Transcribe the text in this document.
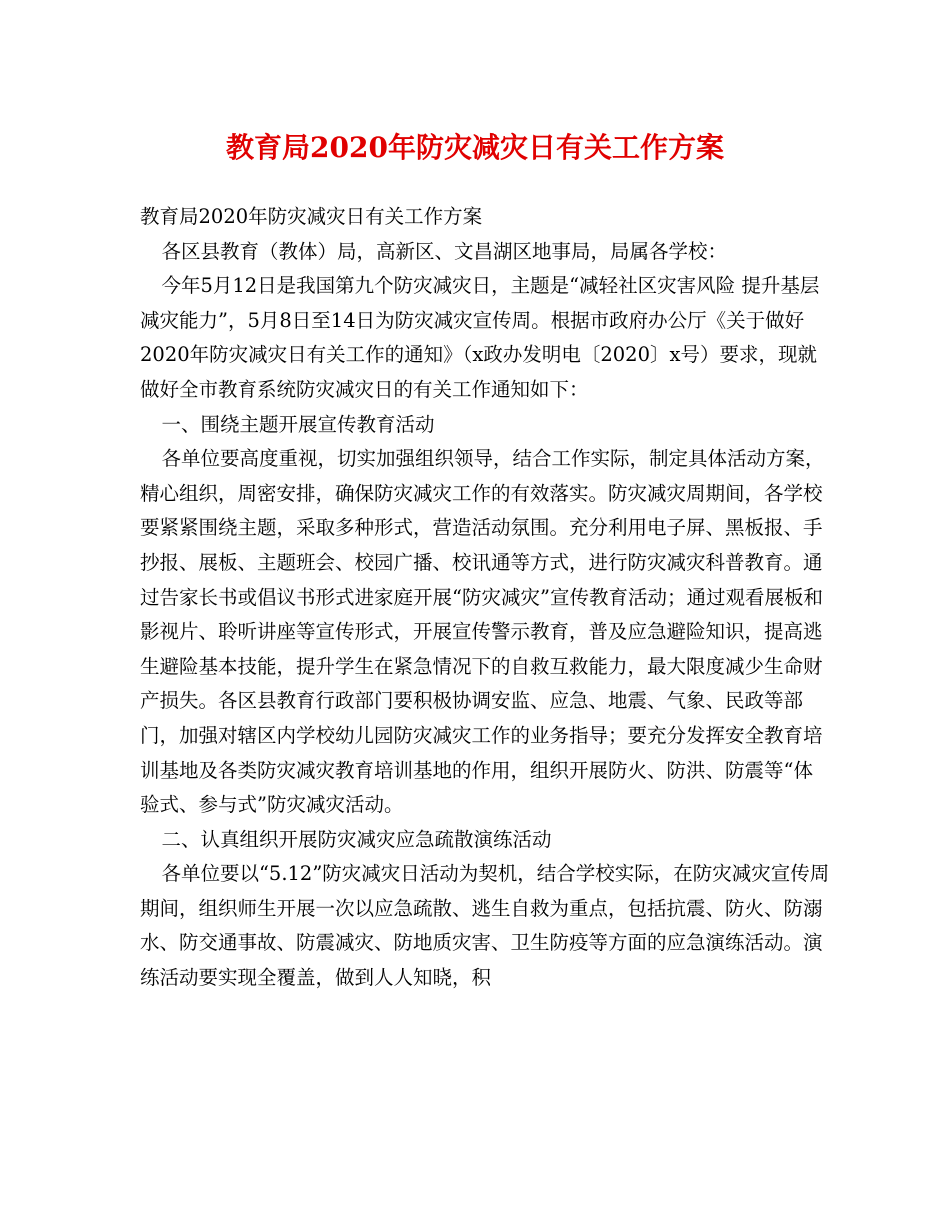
教育局2020年防灾减灾日有关工作方案

教育局2020年防灾减灾日有关工作方案

各区县教育（教体）局，高新区、文昌湖区地事局，局属各学校：

今年5月12日是我国第九个防灾减灾日，主题是“减轻社区灾害风险 提升基层减灾能力”，5月8日至14日为防灾减灾宣传周。根据市政府办公厅《关于做好2020年防灾减灾日有关工作的通知》（x政办发明电〔2020〕x号）要求，现就做好全市教育系统防灾减灾日的有关工作通知如下：

一、围绕主题开展宣传教育活动

各单位要高度重视，切实加强组织领导，结合工作实际，制定具体活动方案，精心组织，周密安排，确保防灾减灾工作的有效落实。防灾减灾周期间，各学校要紧紧围绕主题，采取多种形式，营造活动氛围。充分利用电子屏、黑板报、手抄报、展板、主题班会、校园广播、校讯通等方式，进行防灾减灾科普教育。通过告家长书或倡议书形式进家庭开展“防灾减灾”宣传教育活动；通过观看展板和影视片、聆听讲座等宣传形式，开展宣传警示教育，普及应急避险知识，提高逃生避险基本技能，提升学生在紧急情况下的自救互救能力，最大限度减少生命财产损失。各区县教育行政部门要积极协调安监、应急、地震、气象、民政等部门，加强对辖区内学校幼儿园防灾减灾工作的业务指导；要充分发挥安全教育培训基地及各类防灾减灾教育培训基地的作用，组织开展防火、防洪、防震等“体验式、参与式”防灾减灾活动。

二、认真组织开展防灾减灾应急疏散演练活动

各单位要以“5.12”防灾减灾日活动为契机，结合学校实际，在防灾减灾宣传周期间，组织师生开展一次以应急疏散、逃生自救为重点，包括抗震、防火、防溺水、防交通事故、防震减灾、防地质灾害、卫生防疫等方面的应急演练活动。演练活动要实现全覆盖，做到人人知晓，积
